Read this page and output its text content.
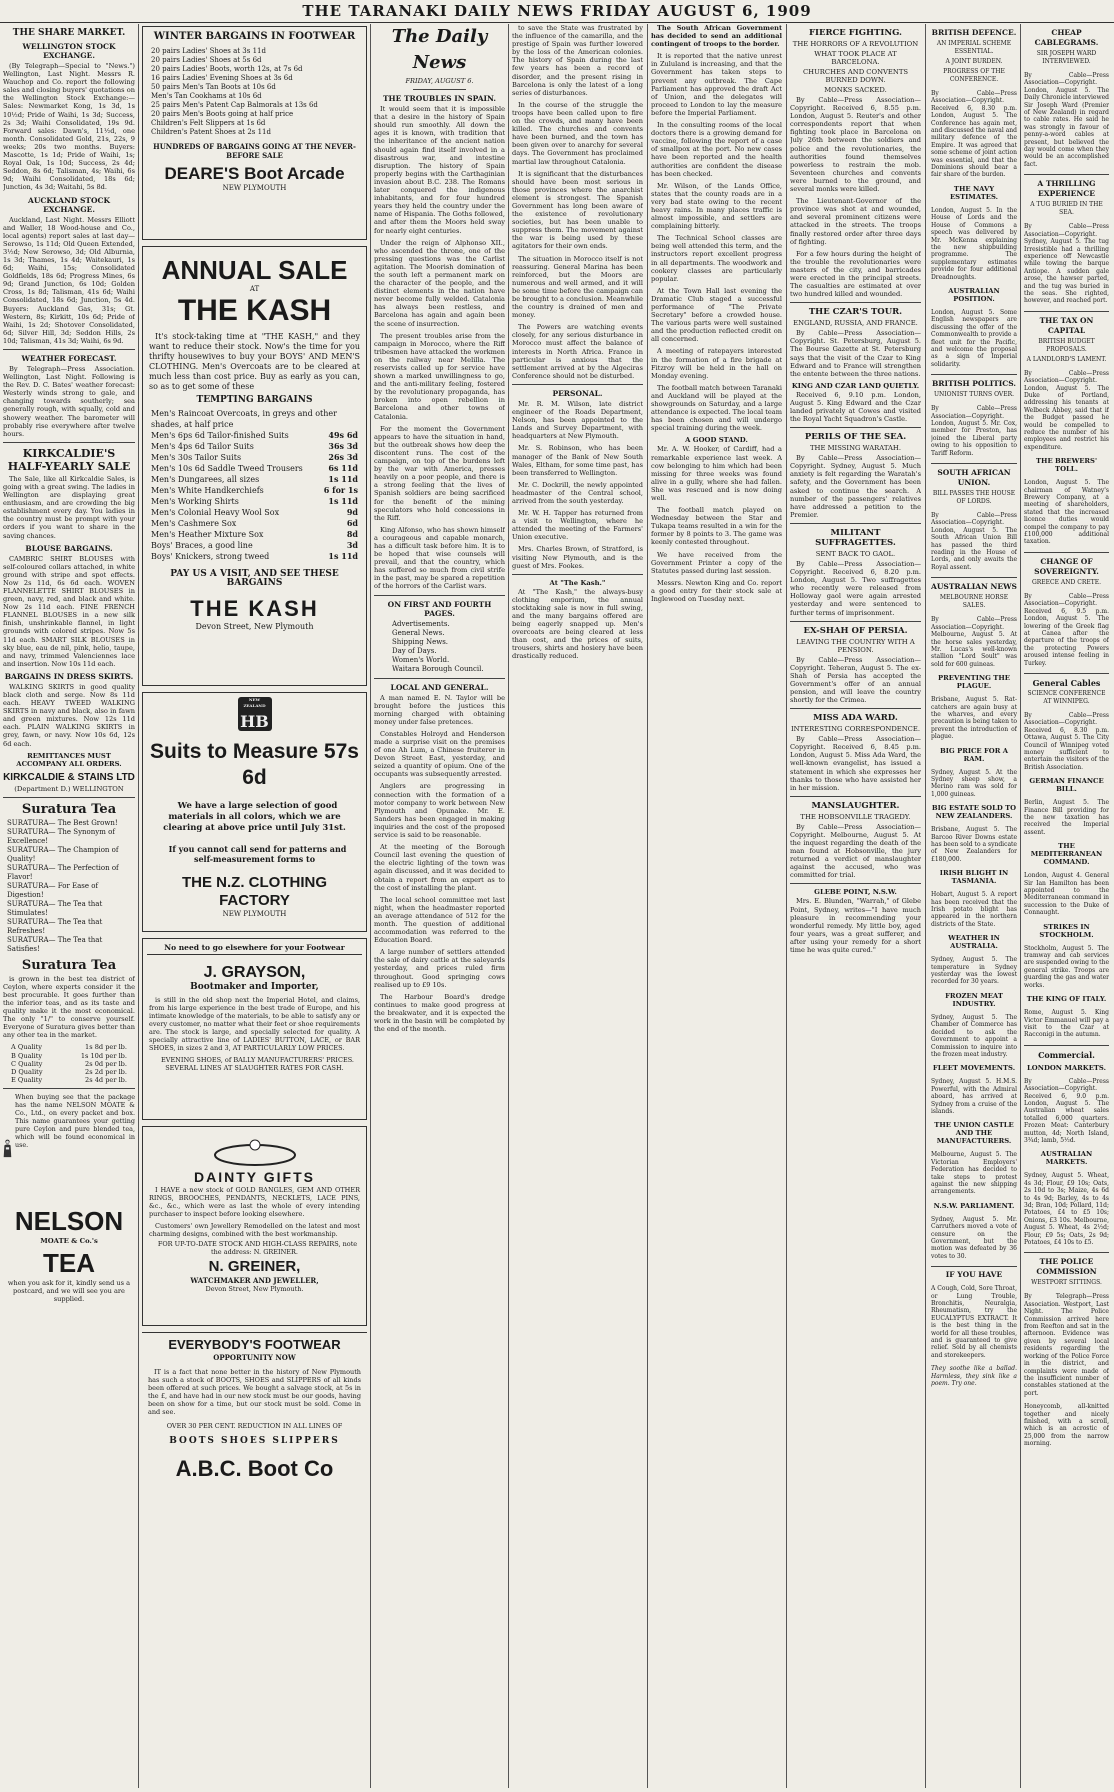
THE TARANAKI DAILY NEWS FRIDAY AUGUST 6, 1909
THE SHARE MARKET.
WELLINGTON STOCK EXCHANGE.

(By Telegraph—Special to "News.") Wellington, Last Night. Messrs R. Wauchop and Co. report the following sales and closing buyers' quotations on the Wellington Stock Exchange:—Sales: Newmarket Kong, 1s 3d, 1s 10½d; Pride of Waihi, 1s 3d; Success, 2s 3d; Waihi Consolidated, 19s 9d. Forward sales: Dawn's, 11½d, one month. Consolidated Gold, 21s, 22s, 9 weeks; 20s two months. Buyers: Mascotte, 1s 1d; Pride of Waihi, 1s; Royal Oak, 1s 10d; Success, 2s 4d; Seddon, 8s 6d; Talisman, 4s; Waihi, 6s 9d; Waihi Consolidated, 18s 6d; Junction, 4s 3d; Waitahi, 5s 8d.

AUCKLAND STOCK EXCHANGE.

Auckland, Last Night. Messrs Elliott and Waller, 18 Wood-house and Co., local agents) report sales at last day—Serowso, 1s 11d; Old Queen Extended, 3½d; New Serowso, 3d; Old Alburnia, 1s 3d; Thames, 1s 4d; Waitekauri, 1s 6d; Waihi, 15s; Consolidated Goldfields, 18s 6d; Progress Mines, 6s 9d; Grand Junction, 6s 10d; Golden Cross, 1s 8d; Talisman, 41s 6d; Waihi Consolidated, 18s 6d; Junction, 5s 4d. Buyers: Auckland Gas, 31s; Gt. Western, 8s; Kirkitt, 10s 6d; Pride of Waihi, 1s 2d; Shotover Consolidated, 6d; Silver Hill, 3d; Seddon Hills, 2s 10d; Talisman, 41s 3d; Waihi, 6s 9d.

WEATHER FORECAST.

By Telegraph—Press Association. Wellington, Last Night. Following is the Rev. D. C. Bates' weather forecast: Westerly winds strong to gale, and changing towards southerly; sea generally rough, with squally, cold and showery weather. The barometer will probably rise everywhere after twelve hours.

KIRKCALDIE'S HALF-YEARLY SALE

The Sale, like all Kirkcaldie Sales, is going with a great swing. The ladies in Wellington are displaying great enthusiasm, and are crowding the big establishment every day. You ladies in the country must be prompt with your orders if you want to share in the saving chances.

BLOUSE BARGAINS.

CAMBRIC SHIRT BLOUSES with self-coloured collars attached, in white ground with stripe and spot effects. Now 2s 11d, 6s 6d each. WOVEN FLANNELETTE SHIRT BLOUSES in green, navy, red, and black and white. Now 2s 11d each. FINE FRENCH FLANNEL BLOUSES in a new silk finish, unshrinkable flannel, in light grounds with colored stripes. Now 5s 11d each. SMART SILK BLOUSES in sky blue, eau de nil, pink, helio, taupe, and navy, trimmed Valenciennes lace and insertion. Now 10s 11d each.

BARGAINS IN DRESS SKIRTS.

WALKING SKIRTS in good quality black cloth and serge. Now 8s 11d each. HEAVY TWEED WALKING SKIRTS in navy and black, also in fawn and green mixtures. Now 12s 11d each. PLAIN WALKING SKIRTS in grey, fawn, or navy. Now 10s 6d, 12s 6d each.

REMITTANCES MUST ACCOMPANY ALL ORDERS.
KIRKCALDIE & STAINS LTD
(Department D.) WELLINGTON
Suratura Tea
SURATURA— The Best Grown!
SURATURA— The Synonym of Excellence!
SURATURA— The Champion of Quality!
SURATURA— The Perfection of Flavor!
SURATURA— For Ease of Digestion!
SURATURA— The Tea that Stimulates!
SURATURA— The Tea that Refreshes!
SURATURA— The Tea that Satisfies!
Suratura Tea

is grown in the best tea district of Ceylon, where experts consider it the best procurable. It goes further than the inferior teas, and as its taste and quality make it the most economical. The only "1/" to conserve yourself. Everyone of Suratura gives better than any other tea in the market.

A Quality	1s 8d per lb.
B Quality	1s 10d per lb.
C Quality	2s 0d per lb.
D Quality	2s 2d per lb.
E Quality	2s 4d per lb.

When buying see that the package has the name NELSON MOATE & Co., Ltd., on every packet and box. This name guarantees your getting pure Ceylon and pure blended tea, which will be found economical in use.

NELSON
MOATE & Co.'s
TEA

when you ask for it, kindly send us a postcard, and we will see you are supplied.

WINTER BARGAINS IN FOOTWEAR
20 pairs Ladies' Shoes at 3s 11d
20 pairs Ladies' Shoes at 5s 6d
20 pairs Ladies' Boots, worth 12s, at 7s 6d
16 pairs Ladies' Evening Shoes at 3s 6d
50 pairs Men's Tan Boots at 10s 6d
Men's Tan Cookhams at 10s 6d
25 pairs Men's Patent Cap Balmorals at 13s 6d
20 pairs Men's Boots going at half price
Children's Felt Slippers at 1s 6d
Children's Patent Shoes at 2s 11d
HUNDREDS OF BARGAINS GOING AT THE NEVER-BEFORE SALE
DEARE'S Boot Arcade
NEW PLYMOUTH
ANNUAL SALE
AT
THE KASH

It's stock-taking time at "THE KASH," and they want to reduce their stock. Now's the time for you thrifty housewives to buy your BOYS' AND MEN'S CLOTHING. Men's Overcoats are to be cleared at much less than cost price. Buy as early as you can, so as to get some of these

TEMPTING BARGAINS
Men's Raincoat Overcoats, in greys and other shades, at half price
Men's 6ps 6d Tailor-finished Suits	49s 6d
Men's 4ps 6d Tailor Suits	36s 3d
Men's 30s Tailor Suits	26s 3d
Men's 10s 6d Saddle Tweed Trousers	6s 11d
Men's Dungarees, all sizes	1s 11d
Men's White Handkerchiefs	6 for 1s
Men's Working Shirts	1s 11d
Men's Colonial Heavy Wool Sox	9d
Men's Cashmere Sox	6d
Men's Heather Mixture Sox	8d
Boys' Braces, a good line	3d
Boys' Knickers, strong tweed	1s 11d
PAY US A VISIT, AND SEE THESE BARGAINS
THE KASH
Devon Street, New Plymouth
NEW ZEALAND
HB
Suits to Measure 57s 6d

We have a large selection of good materials in all colors, which we are clearing at above price until July 31st.

If you cannot call send for patterns and self-measurement forms to

THE N.Z. CLOTHING FACTORY
NEW PLYMOUTH
No need to go elsewhere for your Footwear
J. GRAYSON,
Bootmaker and Importer,

is still in the old shop next the Imperial Hotel, and claims, from his large experience in the best trade of Europe, and his intimate knowledge of the materials, to be able to satisfy any or every customer, no matter what their feet or shoe requirements are. The stock is large, and specially selected for quality. A specially attractive line of LADIES' BUTTON, LACE, or BAR SHOES, in sizes 2 and 3, AT PARTICULARLY LOW PRICES.

EVENING SHOES, of BALLY MANUFACTURERS' PRICES. SEVERAL LINES AT SLAUGHTER RATES FOR CASH.

DAINTY GIFTS

I HAVE a new stock of GOLD BANGLES, GEM AND OTHER RINGS, BROOCHES, PENDANTS, NECKLETS, LACE PINS, &c., &c., which were as last the whole of every intending purchaser to inspect before looking elsewhere.

Customers' own Jewellery Remodelled on the latest and most charming designs, combined with the best workmanship.

FOR UP-TO-DATE STOCK AND HIGH-CLASS REPAIRS, note the address: N. GREINER.

N. GREINER,
WATCHMAKER AND JEWELLER,
Devon Street, New Plymouth.
EVERYBODY'S FOOTWEAR
OPPORTUNITY NOW

IT is a fact that none better in the history of New Plymouth has such a stock of BOOTS, SHOES and SLIPPERS of all kinds been offered at such prices. We bought a salvage stock, at 5s in the £, and have had in our new stock must be our goods, having been on show for a time, but our stock must be sold. Come in and see.

OVER 30 PER CENT. REDUCTION IN ALL LINES OF
BOOTS SHOES SLIPPERS
A.B.C. Boot Co
The Daily News
FRIDAY, AUGUST 6.
THE TROUBLES IN SPAIN.

It would seem that it is impossible that a desire in the history of Spain should run smoothly. All down the ages it is known, with tradition that the inheritance of the ancient nation should again find itself involved in a disastrous war, and intestine disruption. The history of Spain properly begins with the Carthaginian invasion about B.C. 238. The Romans later conquered the indigenous inhabitants, and for four hundred years they held the country under the name of Hispania. The Goths followed, and after them the Moors held sway for nearly eight centuries.

Under the reign of Alphonso XII., who ascended the throne, one of the pressing questions was the Carlist agitation. The Moorish domination of the south left a permanent mark on the character of the people, and the distinct elements in the nation have never become fully welded. Catalonia has always been restless, and Barcelona has again and again been the scene of insurrection.

The present troubles arise from the campaign in Morocco, where the Riff tribesmen have attacked the workmen on the railway near Melilla. The reservists called up for service have shown a marked unwillingness to go, and the anti-military feeling, fostered by the revolutionary propaganda, has broken into open rebellion in Barcelona and other towns of Catalonia.

For the moment the Government appears to have the situation in hand, but the outbreak shows how deep the discontent runs. The cost of the campaign, on top of the burdens left by the war with America, presses heavily on a poor people, and there is a strong feeling that the lives of Spanish soldiers are being sacrificed for the benefit of the mining speculators who hold concessions in the Riff.

King Alfonso, who has shown himself a courageous and capable monarch, has a difficult task before him. It is to be hoped that wise counsels will prevail, and that the country, which has suffered so much from civil strife in the past, may be spared a repetition of the horrors of the Carlist wars.

ON FIRST AND FOURTH PAGES.
Advertisements.
General News.
Shipping News.
Day of Days.
Women's World.
Waitara Borough Council.
LOCAL AND GENERAL.

A man named E. N. Taylor will be brought before the justices this morning charged with obtaining money under false pretences.

Constables Holroyd and Henderson made a surprise visit on the premises of one Ah Lum, a Chinese fruiterer in Devon Street East, yesterday, and seized a quantity of opium. One of the occupants was subsequently arrested.

Anglers are progressing in connection with the formation of a motor company to work between New Plymouth and Opunake. Mr. E. Sanders has been engaged in making inquiries and the cost of the proposed service is said to be reasonable.

At the meeting of the Borough Council last evening the question of the electric lighting of the town was again discussed, and it was decided to obtain a report from an expert as to the cost of installing the plant.

The local school committee met last night, when the headmaster reported an average attendance of 512 for the month. The question of additional accommodation was referred to the Education Board.

A large number of settlers attended the sale of dairy cattle at the saleyards yesterday, and prices ruled firm throughout. Good springing cows realised up to £9 10s.

The Harbour Board's dredge continues to make good progress at the breakwater, and it is expected the work in the basin will be completed by the end of the month.

to save the State was frustrated by the influence of the camarilla, and the prestige of Spain was further lowered by the loss of the American colonies. The history of Spain during the last few years has been a record of disorder, and the present rising in Barcelona is only the latest of a long series of disturbances.

In the course of the struggle the troops have been called upon to fire on the crowds, and many have been killed. The churches and convents have been burned, and the town has been given over to anarchy for several days. The Government has proclaimed martial law throughout Catalonia.

It is significant that the disturbances should have been most serious in those provinces where the anarchist element is strongest. The Spanish Government has long been aware of the existence of revolutionary societies, but has been unable to suppress them. The movement against the war is being used by these agitators for their own ends.

The situation in Morocco itself is not reassuring. General Marina has been reinforced, but the Moors are numerous and well armed, and it will be some time before the campaign can be brought to a conclusion. Meanwhile the country is drained of men and money.

The Powers are watching events closely, for any serious disturbance in Morocco must affect the balance of interests in North Africa. France in particular is anxious that the settlement arrived at by the Algeciras Conference should not be disturbed.

PERSONAL.

Mr. R. M. Wilson, late district engineer of the Roads Department, Nelson, has been appointed to the Lands and Survey Department, with headquarters at New Plymouth.

Mr. S. Robinson, who has been manager of the Bank of New South Wales, Eltham, for some time past, has been transferred to Wellington.

Mr. C. Dockrill, the newly appointed headmaster of the Central school, arrived from the south yesterday.

Mr. W. H. Tapper has returned from a visit to Wellington, where he attended the meeting of the Farmers' Union executive.

Mrs. Charles Brown, of Stratford, is visiting New Plymouth, and is the guest of Mrs. Fookes.

At "The Kash."

At "The Kash," the always-busy clothing emporium, the annual stocktaking sale is now in full swing, and the many bargains offered are being eagerly snapped up. Men's overcoats are being cleared at less than cost, and the prices of suits, trousers, shirts and hosiery have been drastically reduced.

The South African Government has decided to send an additional contingent of troops to the border.

It is reported that the native unrest in Zululand is increasing, and that the Government has taken steps to prevent any outbreak. The Cape Parliament has approved the draft Act of Union, and the delegates will proceed to London to lay the measure before the Imperial Parliament.

In the consulting rooms of the local doctors there is a growing demand for vaccine, following the report of a case of smallpox at the port. No new cases have been reported and the health authorities are confident the disease has been checked.

Mr. Wilson, of the Lands Office, states that the county roads are in a very bad state owing to the recent heavy rains. In many places traffic is almost impossible, and settlers are complaining bitterly.

The Technical School classes are being well attended this term, and the instructors report excellent progress in all departments. The woodwork and cookery classes are particularly popular.

At the Town Hall last evening the Dramatic Club staged a successful performance of "The Private Secretary" before a crowded house. The various parts were well sustained and the production reflected credit on all concerned.

A meeting of ratepayers interested in the formation of a fire brigade at Fitzroy will be held in the hall on Monday evening.

The football match between Taranaki and Auckland will be played at the showgrounds on Saturday, and a large attendance is expected. The local team has been chosen and will undergo special training during the week.

A GOOD STAND.

Mr. A. W. Hooker, of Cardiff, had a remarkable experience last week. A cow belonging to him which had been missing for three weeks was found alive in a gully, where she had fallen. She was rescued and is now doing well.

The football match played on Wednesday between the Star and Tukapa teams resulted in a win for the former by 8 points to 3. The game was keenly contested throughout.

We have received from the Government Printer a copy of the Statutes passed during last session.

Messrs. Newton King and Co. report a good entry for their stock sale at Inglewood on Tuesday next.

FIERCE FIGHTING.
THE HORRORS OF A REVOLUTION
WHAT TOOK PLACE AT BARCELONA.
CHURCHES AND CONVENTS BURNED DOWN.
MONKS SACKED.

By Cable—Press Association—Copyright. Received 6, 8.55 p.m. London, August 5. Reuter's and other correspondents report that when fighting took place in Barcelona on July 26th between the soldiers and police and the revolutionaries, the authorities found themselves powerless to restrain the mob. Seventeen churches and convents were burned to the ground, and several monks were killed.

The Lieutenant-Governor of the province was shot at and wounded, and several prominent citizens were attacked in the streets. The troops finally restored order after three days of fighting.

For a few hours during the height of the trouble the revolutionaries were masters of the city, and barricades were erected in the principal streets. The casualties are estimated at over two hundred killed and wounded.

THE CZAR'S TOUR.
ENGLAND, RUSSIA, AND FRANCE.

By Cable—Press Association—Copyright. St. Petersburg, August 5. The Bourse Gazette at St. Petersburg says that the visit of the Czar to King Edward and to France will strengthen the entente between the three nations.

KING AND CZAR LAND QUIETLY.

Received 6, 9.10 p.m. London, August 5. King Edward and the Czar landed privately at Cowes and visited the Royal Yacht Squadron's Castle.

PERILS OF THE SEA.
THE MISSING WARATAH.

By Cable—Press Association—Copyright. Sydney, August 5. Much anxiety is felt regarding the Waratah's safety, and the Government has been asked to continue the search. A number of the passengers' relatives have addressed a petition to the Premier.

MILITANT SUFFRAGETTES.
SENT BACK TO GAOL.

By Cable—Press Association—Copyright. Received 6, 8.20 p.m. London, August 5. Two suffragettes who recently were released from Holloway gaol were again arrested yesterday and were sentenced to further terms of imprisonment.

EX-SHAH OF PERSIA.
LEAVING THE COUNTRY WITH A PENSION.

By Cable—Press Association—Copyright. Teheran, August 5. The ex-Shah of Persia has accepted the Government's offer of an annual pension, and will leave the country shortly for the Crimea.

MISS ADA WARD.
INTERESTING CORRESPONDENCE.

By Cable—Press Association—Copyright. Received 6, 8.45 p.m. London, August 5. Miss Ada Ward, the well-known evangelist, has issued a statement in which she expresses her thanks to those who have assisted her in her mission.

MANSLAUGHTER.
THE HOBSONVILLE TRAGEDY.

By Cable—Press Association—Copyright. Melbourne, August 5. At the inquest regarding the death of the man found at Hobsonville, the jury returned a verdict of manslaughter against the accused, who was committed for trial.

GLEBE POINT, N.S.W.

Mrs. E. Blunden, "Warrah," of Glebe Point, Sydney, writes—"I have much pleasure in recommending your wonderful remedy. My little boy, aged four years, was a great sufferer, and after using your remedy for a short time he was quite cured."

BRITISH DEFENCE.
AN IMPERIAL SCHEME ESSENTIAL.
A JOINT BURDEN.
PROGRESS OF THE CONFERENCE.

By Cable—Press Association—Copyright. Received 6, 8.30 p.m. London, August 5. The Conference has again met, and discussed the naval and military defence of the Empire. It was agreed that some scheme of joint action was essential, and that the Dominions should bear a fair share of the burden.

THE NAVY ESTIMATES.

London, August 5. In the House of Lords and the House of Commons a speech was delivered by Mr. McKenna explaining the new shipbuilding programme. The supplementary estimates provide for four additional Dreadnoughts.

AUSTRALIAN POSITION.

London, August 5. Some English newspapers are discussing the offer of the Commonwealth to provide a fleet unit for the Pacific, and welcome the proposal as a sign of Imperial solidarity.

BRITISH POLITICS.
UNIONIST TURNS OVER.

By Cable—Press Association—Copyright. London, August 5. Mr. Cox, member for Preston, has joined the Liberal party owing to his opposition to Tariff Reform.

SOUTH AFRICAN UNION.
BILL PASSES THE HOUSE OF LORDS.

By Cable—Press Association—Copyright. London, August 5. The South African Union Bill has passed the third reading in the House of Lords, and only awaits the Royal assent.

AUSTRALIAN NEWS
MELBOURNE HORSE SALES.

By Cable—Press Association—Copyright. Melbourne, August 5. At the horse sales yesterday, Mr. Lucas's well-known stallion "Lord Soult" was sold for 600 guineas.

PREVENTING THE PLAGUE.

Brisbane, August 5. Rat-catchers are again busy at the wharves, and every precaution is being taken to prevent the introduction of plague.

BIG PRICE FOR A RAM.

Sydney, August 5. At the Sydney sheep show, a Merino ram was sold for 1,000 guineas.

BIG ESTATE SOLD TO NEW ZEALANDERS.

Brisbane, August 5. The Barcoo River Downs estate has been sold to a syndicate of New Zealanders for £180,000.

IRISH BLIGHT IN TASMANIA.

Hobart, August 5. A report has been received that the Irish potato blight has appeared in the northern districts of the State.

WEATHER IN AUSTRALIA.

Sydney, August 5. The temperature in Sydney yesterday was the lowest recorded for 30 years.

FROZEN MEAT INDUSTRY.

Sydney, August 5. The Chamber of Commerce has decided to ask the Government to appoint a Commission to inquire into the frozen meat industry.

FLEET MOVEMENTS.

Sydney, August 5. H.M.S. Powerful, with the Admiral aboard, has arrived at Sydney from a cruise of the islands.

THE UNION CASTLE AND THE MANUFACTURERS.

Melbourne, August 5. The Victorian Employers' Federation has decided to take steps to protest against the new shipping arrangements.

N.S.W. PARLIAMENT.

Sydney, August 5. Mr. Carruthers moved a vote of censure on the Government, but the motion was defeated by 36 votes to 30.

IF YOU HAVE

A Cough, Cold, Sore Throat, or Lung Trouble, Bronchitis, Neuralgia, Rheumatism, try the EUCALYPTUS EXTRACT. It is the best thing in the world for all these troubles, and is guaranteed to give relief. Sold by all chemists and storekeepers.

They soothe like a ballad. Harmless, they sink like a poem. Try one.

CHEAP CABLEGRAMS.
SIR JOSEPH WARD INTERVIEWED.

By Cable—Press Association—Copyright. London, August 5. The Daily Chronicle interviewed Sir Joseph Ward (Premier of New Zealand) in regard to cable rates. He said he was strongly in favour of penny-a-word cables at present, but believed the day would come when they would be an accomplished fact.

A THRILLING EXPERIENCE
A TUG BURIED IN THE SEA.

By Cable—Press Association—Copyright. Sydney, August 5. The tug Irresistible had a thrilling experience off Newcastle while towing the barque Antiope. A sudden gale arose, the hawser parted, and the tug was buried in the seas. She righted, however, and reached port.

THE TAX ON CAPITAL
BRITISH BUDGET PROPOSALS.
A LANDLORD'S LAMENT.

By Cable—Press Association—Copyright. London, August 5. The Duke of Portland, addressing his tenants at Welbeck Abbey, said that if the Budget passed he would be compelled to reduce the number of his employees and restrict his expenditure.

THE BREWERS' TOLL.

London, August 5. The chairman of Watney's Brewery Company, at a meeting of shareholders, stated that the increased licence duties would compel the company to pay £100,000 additional taxation.

CHANGE OF SOVEREIGNTY.
GREECE AND CRETE.

By Cable—Press Association—Copyright. Received 6, 9.5 p.m. London, August 5. The lowering of the Greek flag at Canea after the departure of the troops of the protecting Powers aroused intense feeling in Turkey.

General Cables
SCIENCE CONFERENCE AT WINNIPEG.

By Cable—Press Association—Copyright. Received 6, 8.30 p.m. Ottawa, August 5. The City Council of Winnipeg voted money sufficient to entertain the visitors of the British Association.

GERMAN FINANCE BILL.

Berlin, August 5. The Finance Bill providing for the new taxation has received the Imperial assent.

THE MEDITERRANEAN COMMAND.

London, August 4. General Sir Ian Hamilton has been appointed to the Mediterranean command in succession to the Duke of Connaught.

STRIKES IN STOCKHOLM.

Stockholm, August 5. The tramway and cab services are suspended owing to the general strike. Troops are guarding the gas and water works.

THE KING OF ITALY.

Rome, August 5. King Victor Emmanuel will pay a visit to the Czar at Racconigi in the autumn.

Commercial.
LONDON MARKETS.

By Cable—Press Association—Copyright. Received 6, 9.0 p.m. London, August 5. The Australian wheat sales totalled 6,000 quarters. Frozen Meat: Canterbury mutton, 4d; North Island, 3¾d; lamb, 5½d.

AUSTRALIAN MARKETS.

Sydney, August 5. Wheat, 4s 3d; Flour, £9 10s; Oats, 2s 10d to 3s; Maize, 4s 6d to 4s 9d; Barley, 4s to 4s 3d; Bran, 10d; Pollard, 11d; Potatoes, £4 to £5 10s; Onions, £3 10s. Melbourne, August 5. Wheat, 4s 2½d; Flour, £9 5s; Oats, 2s 9d; Potatoes, £4 10s to £5.

THE POLICE COMMISSION
WESTPORT SITTINGS.

By Telegraph—Press Association. Westport, Last Night. The Police Commission arrived here from Reefton and sat in the afternoon. Evidence was given by several local residents regarding the working of the Police Force in the district, and complaints were made of the insufficient number of constables stationed at the port.

Honeycomb, all-knitted together and nicely finished, with a scroll, which is an acrostic of 25,000 from the narrow morning.
